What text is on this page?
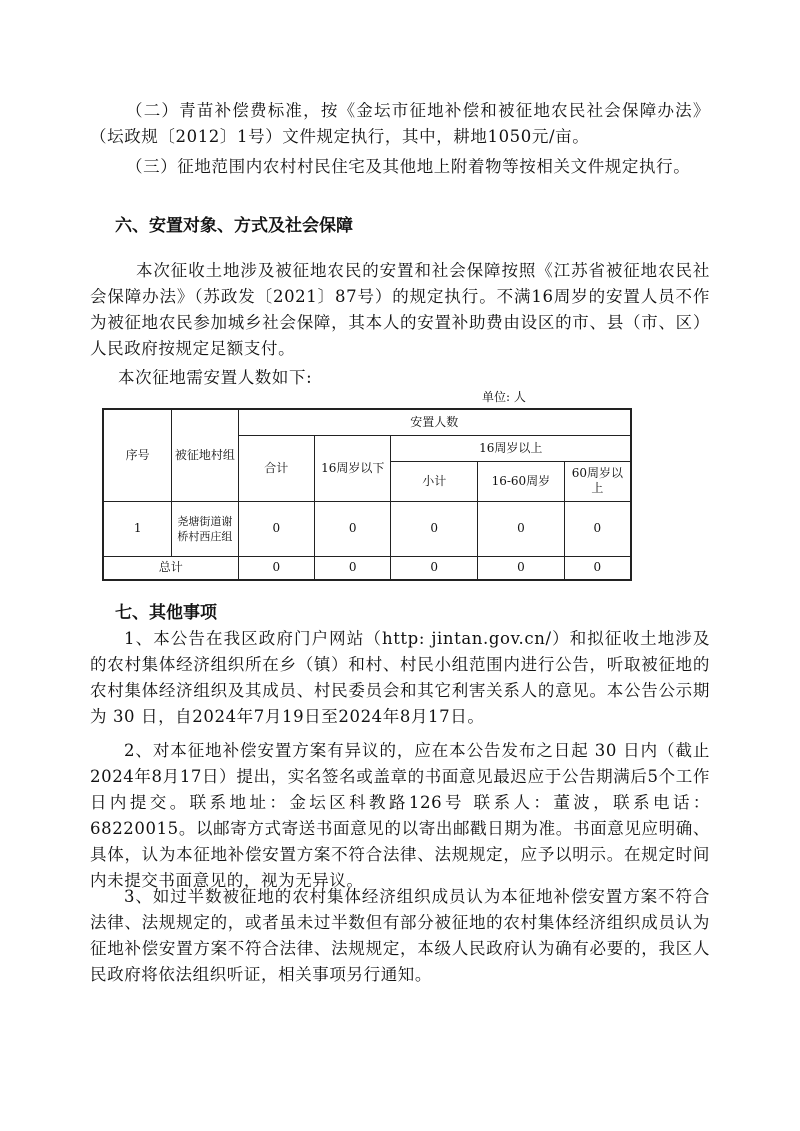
（二）青苗补偿费标准，按《金坛市征地补偿和被征地农民社会保障办法》（坛政规〔2012〕1号）文件规定执行，其中，耕地1050元/亩。

（三）征地范围内农村村民住宅及其他地上附着物等按相关文件规定执行。

六、安置对象、方式及社会保障

本次征收土地涉及被征地农民的安置和社会保障按照《江苏省被征地农民社会保障办法》（苏政发〔2021〕87号）的规定执行。不满16周岁的安置人员不作为被征地农民参加城乡社会保障，其本人的安置补助费由设区的市、县（市、区）人民政府按规定足额支付。

本次征地需安置人数如下:

单位: 人
序号	被征地村组	安置人数				
		合计	16周岁以下	16周岁以上		
				小计	16-60周岁	60周岁以上
1	尧塘街道谢桥村西庄组	0	0	0	0	0
总计		0	0	0	0	0

七、其他事项

1、本公告在我区政府门户网站（http: jintan.gov.cn/）和拟征收土地涉及的农村集体经济组织所在乡（镇）和村、村民小组范围内进行公告，听取被征地的农村集体经济组织及其成员、村民委员会和其它利害关系人的意见。本公告公示期为 30 日，自2024年7月19日至2024年8月17日。

2、对本征地补偿安置方案有异议的，应在本公告发布之日起 30 日内（截止2024年8月17日）提出，实名签名或盖章的书面意见最迟应于公告期满后5个工作日内提交。联系地址：金坛区科教路126号 联系人：董波，联系电话：68220015。以邮寄方式寄送书面意见的以寄出邮戳日期为准。书面意见应明确、具体，认为本征地补偿安置方案不符合法律、法规规定，应予以明示。在规定时间内未提交书面意见的，视为无异议。

3、如过半数被征地的农村集体经济组织成员认为本征地补偿安置方案不符合法律、法规规定的，或者虽未过半数但有部分被征地的农村集体经济组织成员认为征地补偿安置方案不符合法律、法规规定，本级人民政府认为确有必要的，我区人民政府将依法组织听证，相关事项另行通知。
